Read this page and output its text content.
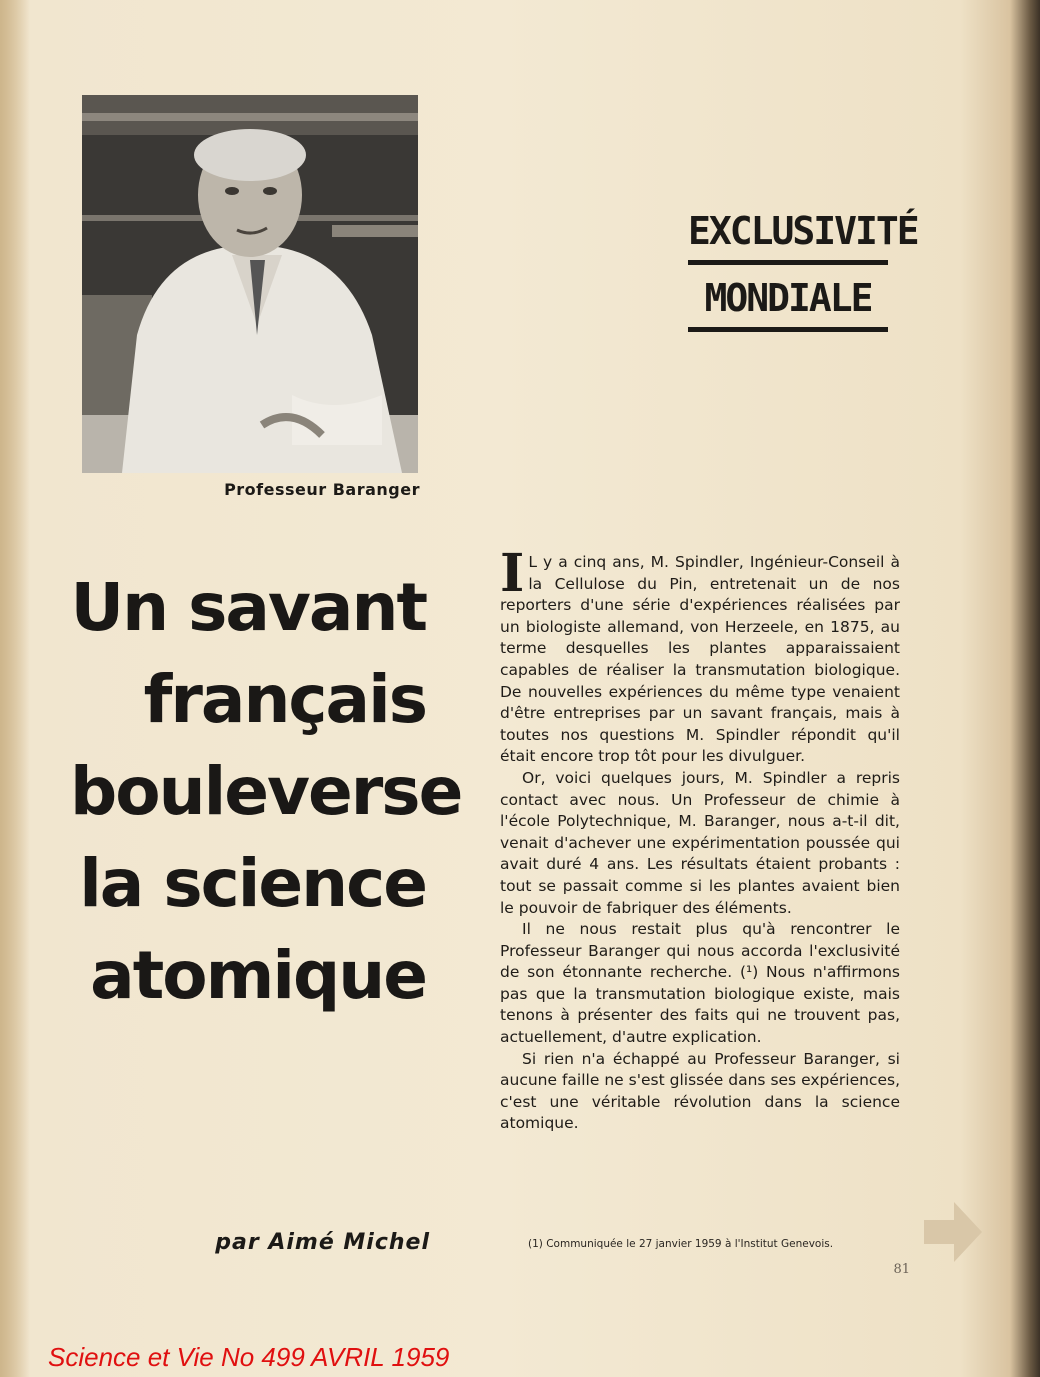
Professeur Baranger
EXCLUSIVITÉ
MONDIALE
Un savant
français
bouleverse
la science
atomique
par Aimé Michel

I L y a cinq ans, M. Spindler, Ingénieur-Conseil à la Cellulose du Pin, entretenait un de nos reporters d'une série d'expériences réalisées par un biologiste allemand, von Herzeele, en 1875, au terme desquelles les plantes apparaissaient capables de réaliser la transmutation biologique. De nouvelles expériences du même type venaient d'être entreprises par un savant français, mais à toutes nos questions M. Spindler répondit qu'il était encore trop tôt pour les divulguer.

Or, voici quelques jours, M. Spindler a repris contact avec nous. Un Professeur de chimie à l'école Polytechnique, M. Baranger, nous a-t-il dit, venait d'achever une expérimentation poussée qui avait duré 4 ans. Les résultats étaient probants : tout se passait comme si les plantes avaient bien le pouvoir de fabriquer des éléments.

Il ne nous restait plus qu'à rencontrer le Professeur Baranger qui nous accorda l'exclusivité de son étonnante recherche. (¹) Nous n'affirmons pas que la transmutation biologique existe, mais tenons à présenter des faits qui ne trouvent pas, actuellement, d'autre explication.

Si rien n'a échappé au Professeur Baranger, si aucune faille ne s'est glissée dans ses expériences, c'est une véritable révolution dans la science atomique.

(1) Communiquée le 27 janvier 1959 à l'Institut Genevois.
81
Science et Vie No 499 AVRIL 1959
